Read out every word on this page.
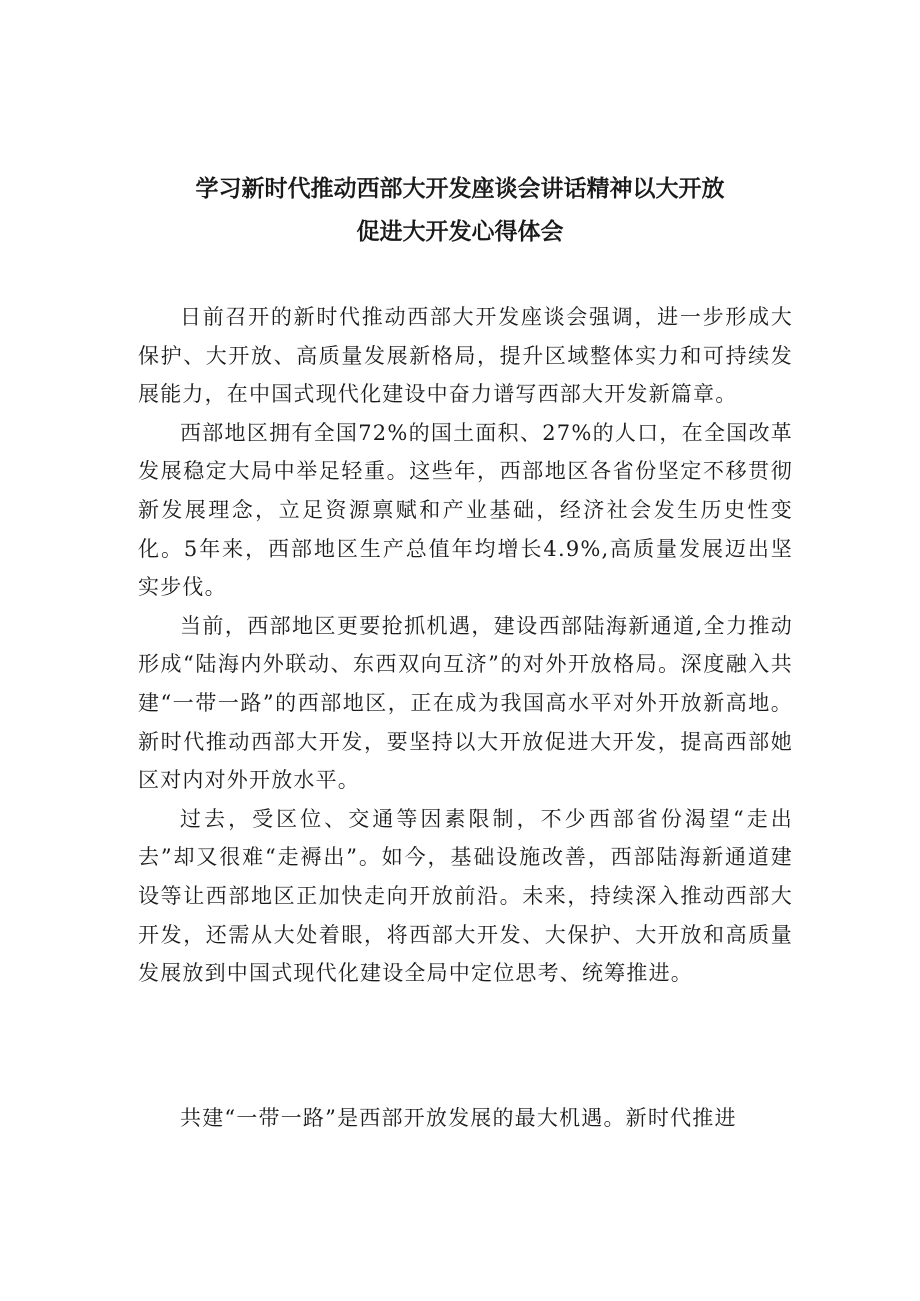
学习新时代推动西部大开发座谈会讲话精神以大开放
促进大开发心得体会

日前召开的新时代推动西部大开发座谈会强调，进一步形成大保护、大开放、高质量发展新格局，提升区域整体实力和可持续发展能力，在中国式现代化建设中奋力谱写西部大开发新篇章。

西部地区拥有全国72%的国土面积、27%的人口，在全国改革发展稳定大局中举足轻重。这些年，西部地区各省份坚定不移贯彻新发展理念，立足资源禀赋和产业基础，经济社会发生历史性变化。5年来，西部地区生产总值年均增长4.9%,高质量发展迈出坚实步伐。

当前，西部地区更要抢抓机遇，建设西部陆海新通道,全力推动形成“陆海内外联动、东西双向互济”的对外开放格局。深度融入共建“一带一路”的西部地区，正在成为我国高水平对外开放新高地。新时代推动西部大开发，要坚持以大开放促进大开发，提高西部她区对内对外开放水平。

过去，受区位、交通等因素限制，不少西部省份渴望“走出去”却又很难“走褥出”。如今，基础设施改善，西部陆海新通道建设等让西部地区正加快走向开放前沿。未来，持续深入推动西部大开发，还需从大处着眼，将西部大开发、大保护、大开放和高质量发展放到中国式现代化建设全局中定位思考、统筹推进。

共建“一带一路”是西部开放发展的最大机遇。新时代推进
